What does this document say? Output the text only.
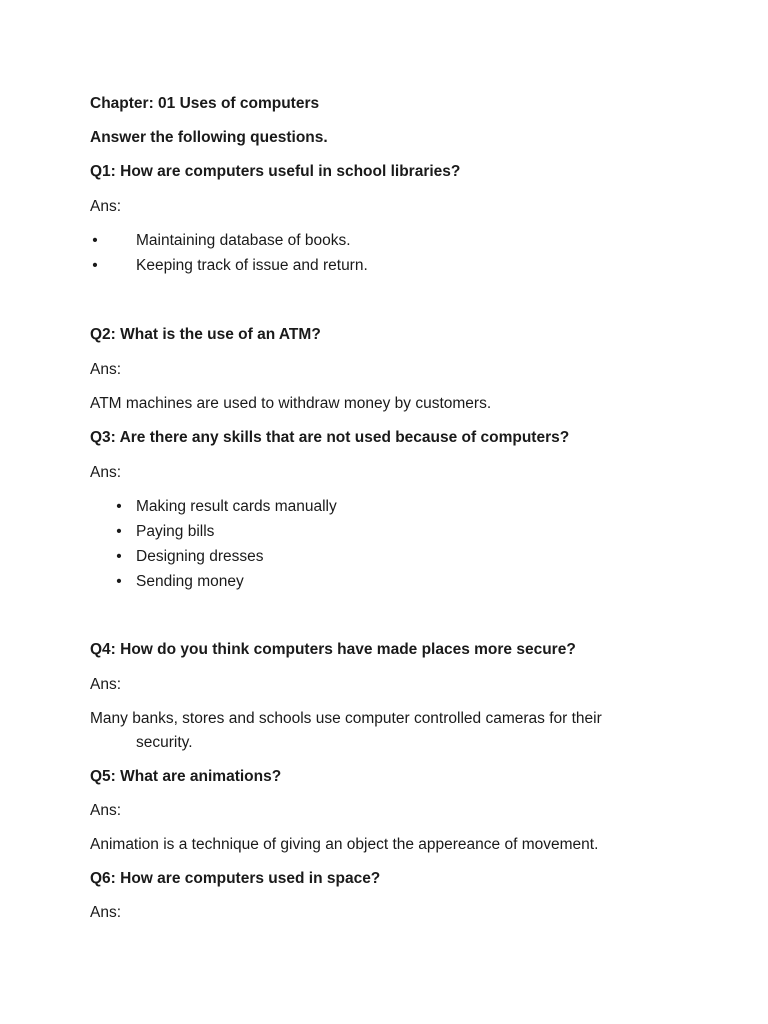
Chapter: 01 Uses of computers
Answer the following questions.
Q1: How are computers useful in school libraries?
Ans:
• Maintaining database of books.
• Keeping track of issue and return.
Q2: What is the use of an ATM?
Ans:
ATM machines are used to withdraw money by customers.
Q3: Are there any skills that are not used because of computers?
Ans:
• Making result cards manually
• Paying bills
• Designing dresses
• Sending money
Q4: How do you think computers have made places more secure?
Ans:
Many banks, stores and schools use computer controlled cameras for their
security.
Q5: What are animations?
Ans:
Animation is a technique of giving an object the appereance of movement.
Q6: How are computers used in space?
Ans:
